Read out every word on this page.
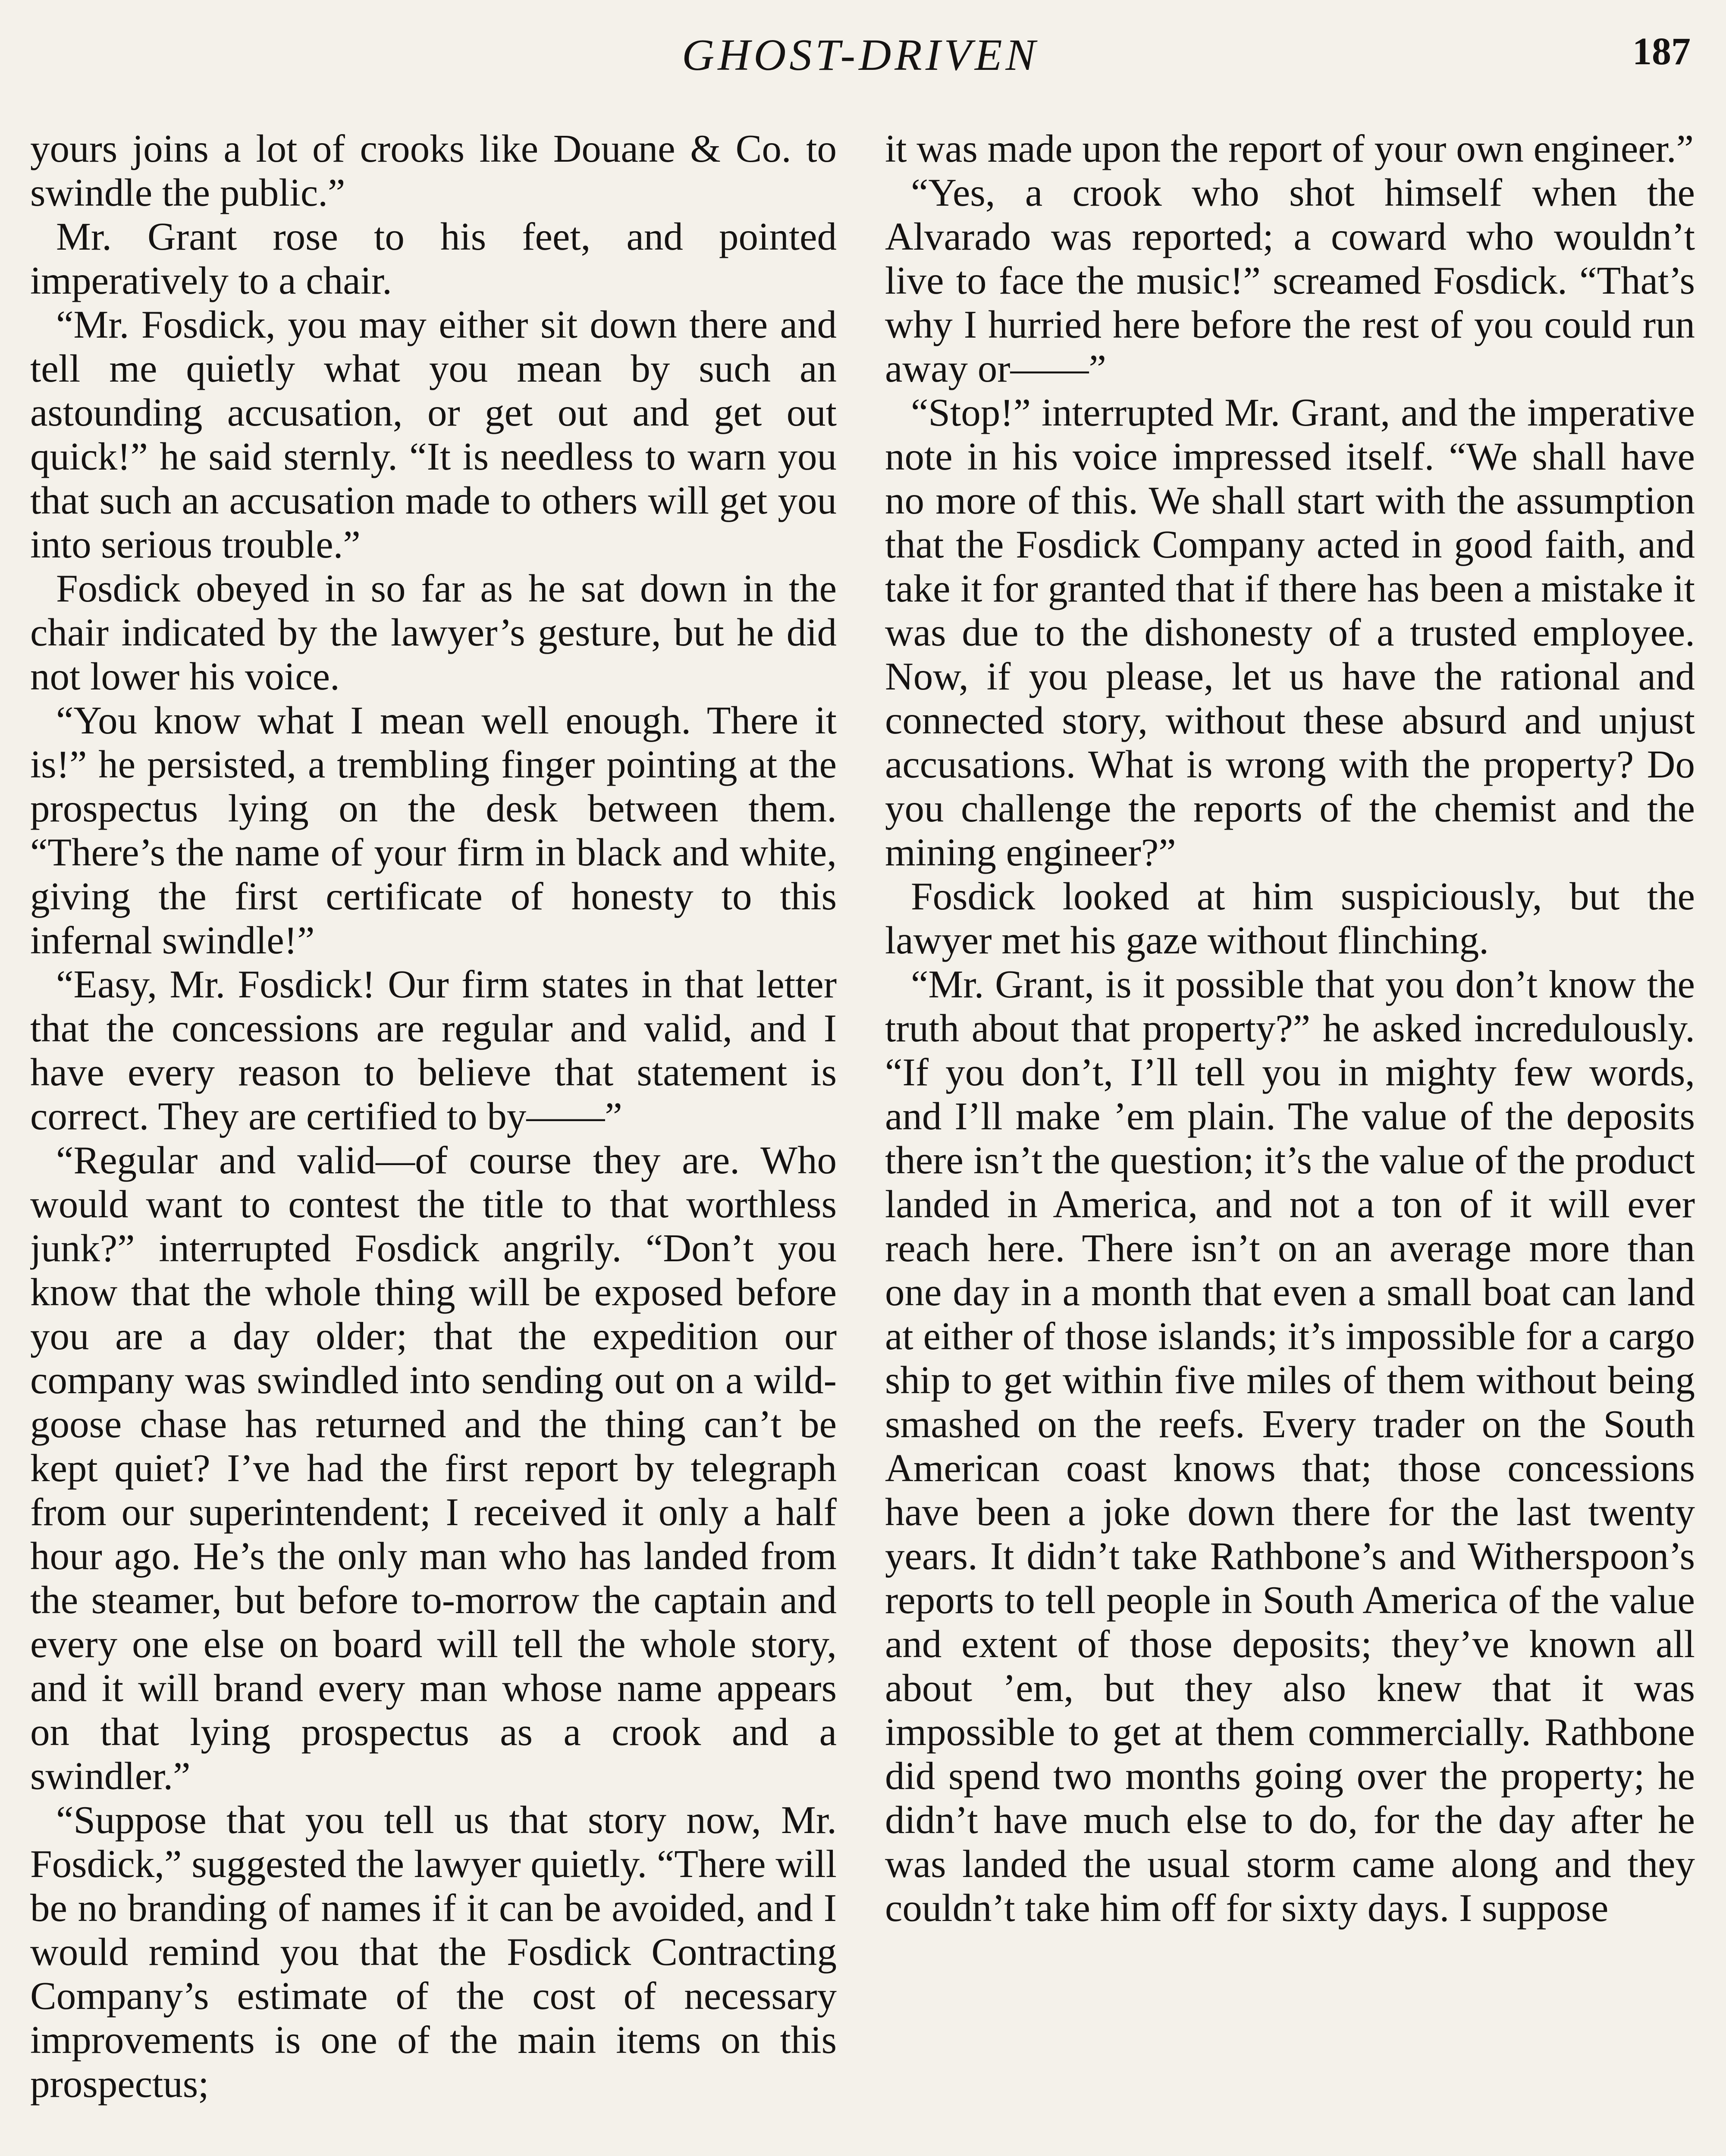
GHOST-DRIVEN	187

yours joins a lot of crooks like Douane & Co. to swindle the public.”

Mr. Grant rose to his feet, and pointed imperatively to a chair.

“Mr. Fosdick, you may either sit down there and tell me quietly what you mean by such an astounding accusation, or get out and get out quick!” he said sternly. “It is needless to warn you that such an accusation made to others will get you into serious trouble.”

Fosdick obeyed in so far as he sat down in the chair indicated by the lawyer’s gesture, but he did not lower his voice.

“You know what I mean well enough. There it is!” he persisted, a trembling finger pointing at the prospectus lying on the desk between them. “There’s the name of your firm in black and white, giving the first certificate of honesty to this infernal swindle!”

“Easy, Mr. Fosdick! Our firm states in that letter that the concessions are regular and valid, and I have every reason to believe that statement is correct. They are certified to by——”

“Regular and valid—of course they are. Who would want to contest the title to that worthless junk?” interrupted Fosdick angrily. “Don’t you know that the whole thing will be exposed before you are a day older; that the expedition our company was swindled into sending out on a wild-goose chase has returned and the thing can’t be kept quiet? I’ve had the first report by telegraph from our superintendent; I received it only a half hour ago. He’s the only man who has landed from the steamer, but before to-morrow the captain and every one else on board will tell the whole story, and it will brand every man whose name appears on that lying prospectus as a crook and a swindler.”

“Suppose that you tell us that story now, Mr. Fosdick,” suggested the lawyer quietly. “There will be no branding of names if it can be avoided, and I would remind you that the Fosdick Contracting Company’s estimate of the cost of necessary improvements is one of the main items on this prospectus;

it was made upon the report of your own engineer.”

“Yes, a crook who shot himself when the Alvarado was reported; a coward who wouldn’t live to face the music!” screamed Fosdick. “That’s why I hurried here before the rest of you could run away or——”

“Stop!” interrupted Mr. Grant, and the imperative note in his voice impressed itself. “We shall have no more of this. We shall start with the assumption that the Fosdick Company acted in good faith, and take it for granted that if there has been a mistake it was due to the dishonesty of a trusted employee. Now, if you please, let us have the rational and connected story, without these absurd and unjust accusations. What is wrong with the property? Do you challenge the reports of the chemist and the mining engineer?”

Fosdick looked at him suspiciously, but the lawyer met his gaze without flinching.

“Mr. Grant, is it possible that you don’t know the truth about that property?” he asked incredulously. “If you don’t, I’ll tell you in mighty few words, and I’ll make ’em plain. The value of the deposits there isn’t the question; it’s the value of the product landed in America, and not a ton of it will ever reach here. There isn’t on an average more than one day in a month that even a small boat can land at either of those islands; it’s impossible for a cargo ship to get within five miles of them without being smashed on the reefs. Every trader on the South American coast knows that; those concessions have been a joke down there for the last twenty years. It didn’t take Rathbone’s and Witherspoon’s reports to tell people in South America of the value and extent of those deposits; they’ve known all about ’em, but they also knew that it was impossible to get at them commercially. Rathbone did spend two months going over the property; he didn’t have much else to do, for the day after he was landed the usual storm came along and they couldn’t take him off for sixty days. I suppose
